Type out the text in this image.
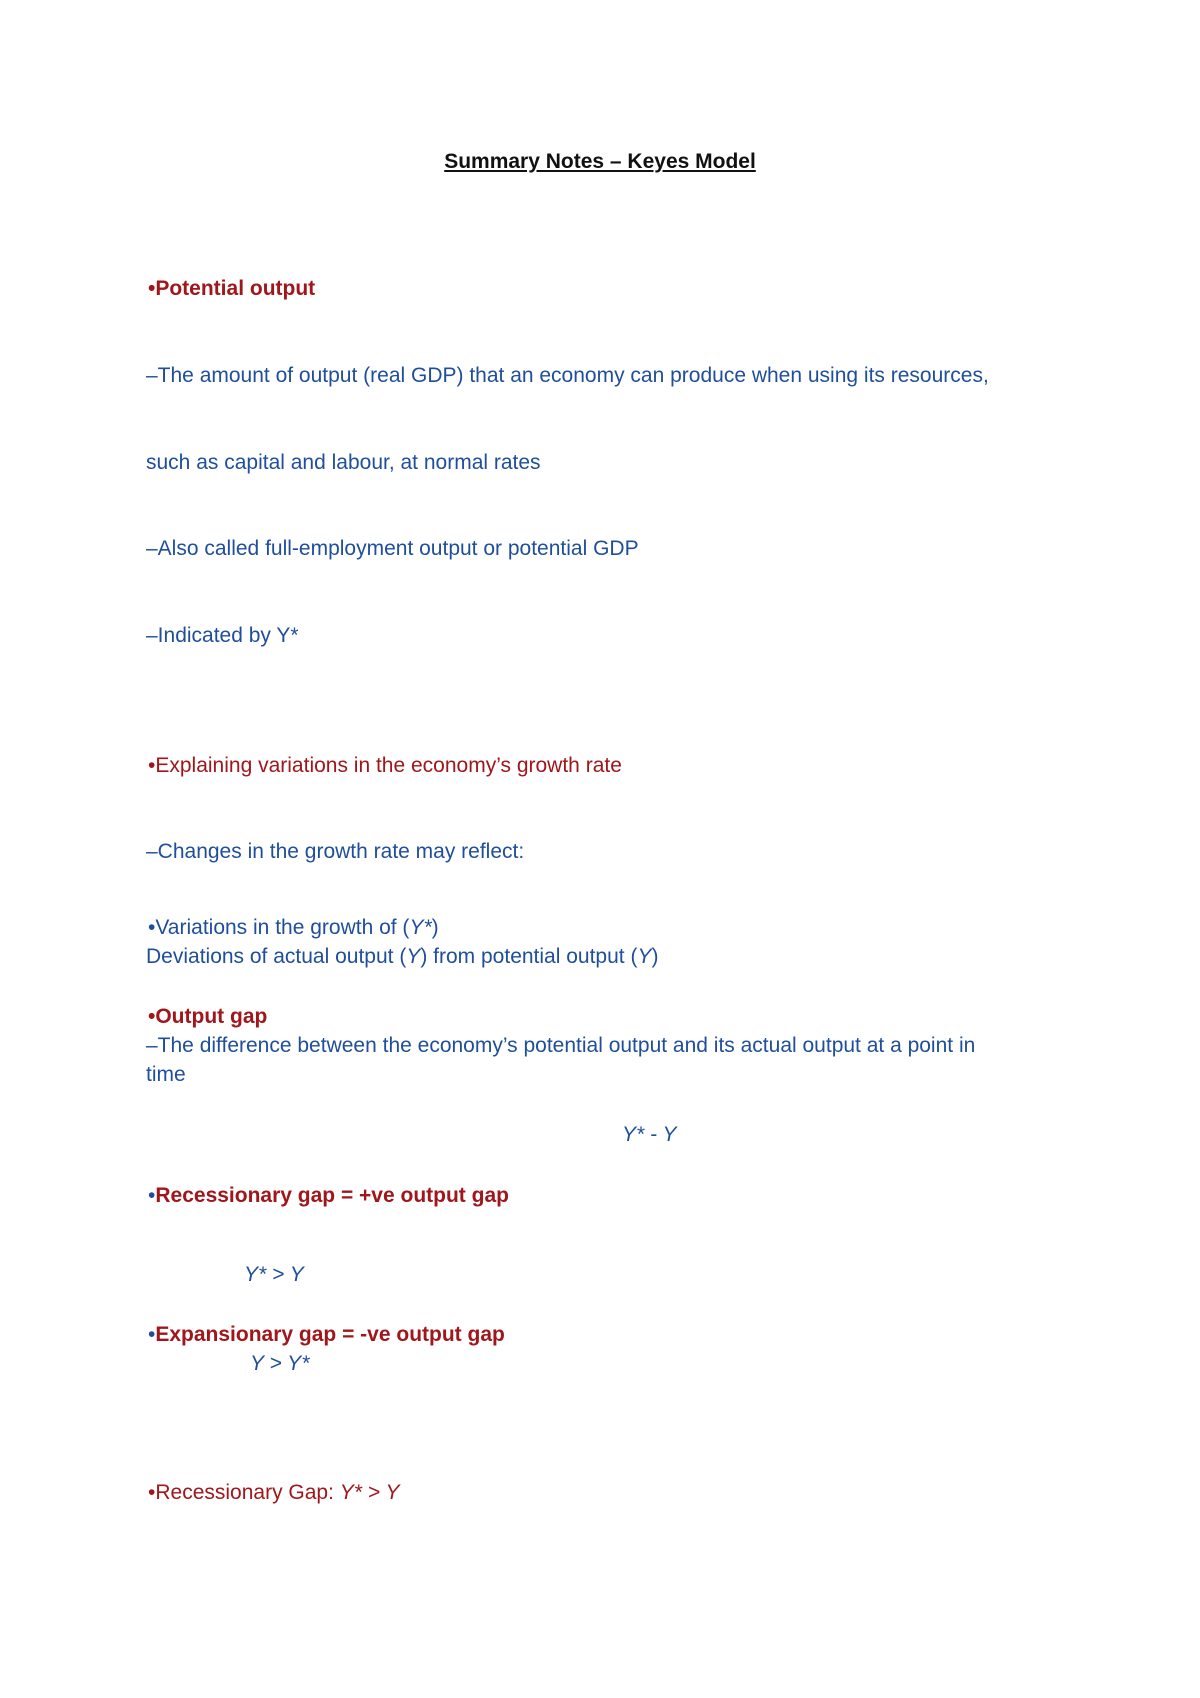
Summary Notes – Keyes Model
•Potential output
–The amount of output (real GDP) that an economy can produce when using its resources,
such as capital and labour, at normal rates
–Also called full-employment output or potential GDP
–Indicated by Y*
•Explaining variations in the economy’s growth rate
–Changes in the growth rate may reflect:
•Variations in the growth of (Y*)
Deviations of actual output (Y) from potential output (Y)
•Output gap
–The difference between the economy’s potential output and its actual output at a point in
time
Y* - Y
•Recessionary gap = +ve output gap
Y* > Y
•Expansionary gap = -ve output gap
Y > Y*
•Recessionary Gap: Y* > Y
